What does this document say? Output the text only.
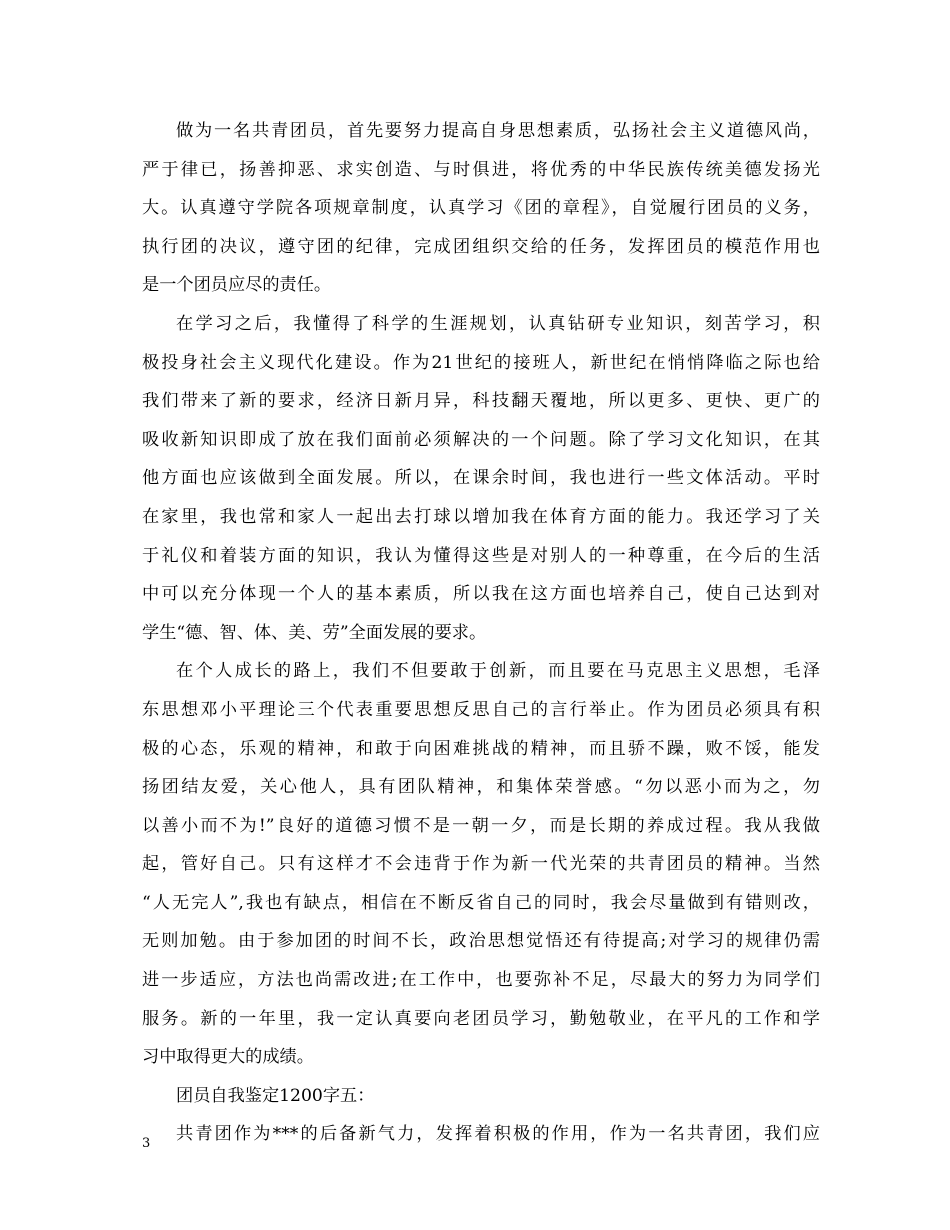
做为一名共青团员，首先要努力提高自身思想素质，弘扬社会主义道德风尚，
严于律已，扬善抑恶、求实创造、与时俱进，将优秀的中华民族传统美德发扬光
大。认真遵守学院各项规章制度，认真学习《团的章程》，自觉履行团员的义务，
执行团的决议，遵守团的纪律，完成团组织交给的任务，发挥团员的模范作用也
是一个团员应尽的责任。
在学习之后，我懂得了科学的生涯规划，认真钻研专业知识，刻苦学习，积
极投身社会主义现代化建设。作为21世纪的接班人，新世纪在悄悄降临之际也给
我们带来了新的要求，经济日新月异，科技翻天覆地，所以更多、更快、更广的
吸收新知识即成了放在我们面前必须解决的一个问题。除了学习文化知识，在其
他方面也应该做到全面发展。所以，在课余时间，我也进行一些文体活动。平时
在家里，我也常和家人一起出去打球以增加我在体育方面的能力。我还学习了关
于礼仪和着装方面的知识，我认为懂得这些是对别人的一种尊重，在今后的生活
中可以充分体现一个人的基本素质，所以我在这方面也培养自己，使自己达到对
学生“德、智、体、美、劳”全面发展的要求。
在个人成长的路上，我们不但要敢于创新，而且要在马克思主义思想，毛泽
东思想邓小平理论三个代表重要思想反思自己的言行举止。作为团员必须具有积
极的心态，乐观的精神，和敢于向困难挑战的精神，而且骄不躁，败不馁，能发
扬团结友爱，关心他人，具有团队精神，和集体荣誉感。“勿以恶小而为之，勿
以善小而不为!”良好的道德习惯不是一朝一夕，而是长期的养成过程。我从我做
起，管好自己。只有这样才不会违背于作为新一代光荣的共青团员的精神。当然
“人无完人”,我也有缺点，相信在不断反省自己的同时，我会尽量做到有错则改，
无则加勉。由于参加团的时间不长，政治思想觉悟还有待提高;对学习的规律仍需
进一步适应，方法也尚需改进;在工作中，也要弥补不足，尽最大的努力为同学们
服务。新的一年里，我一定认真要向老团员学习，勤勉敬业，在平凡的工作和学
习中取得更大的成绩。
团员自我鉴定1200字五：
共青团作为***的后备新气力，发挥着积极的作用，作为一名共青团，我们应
3
